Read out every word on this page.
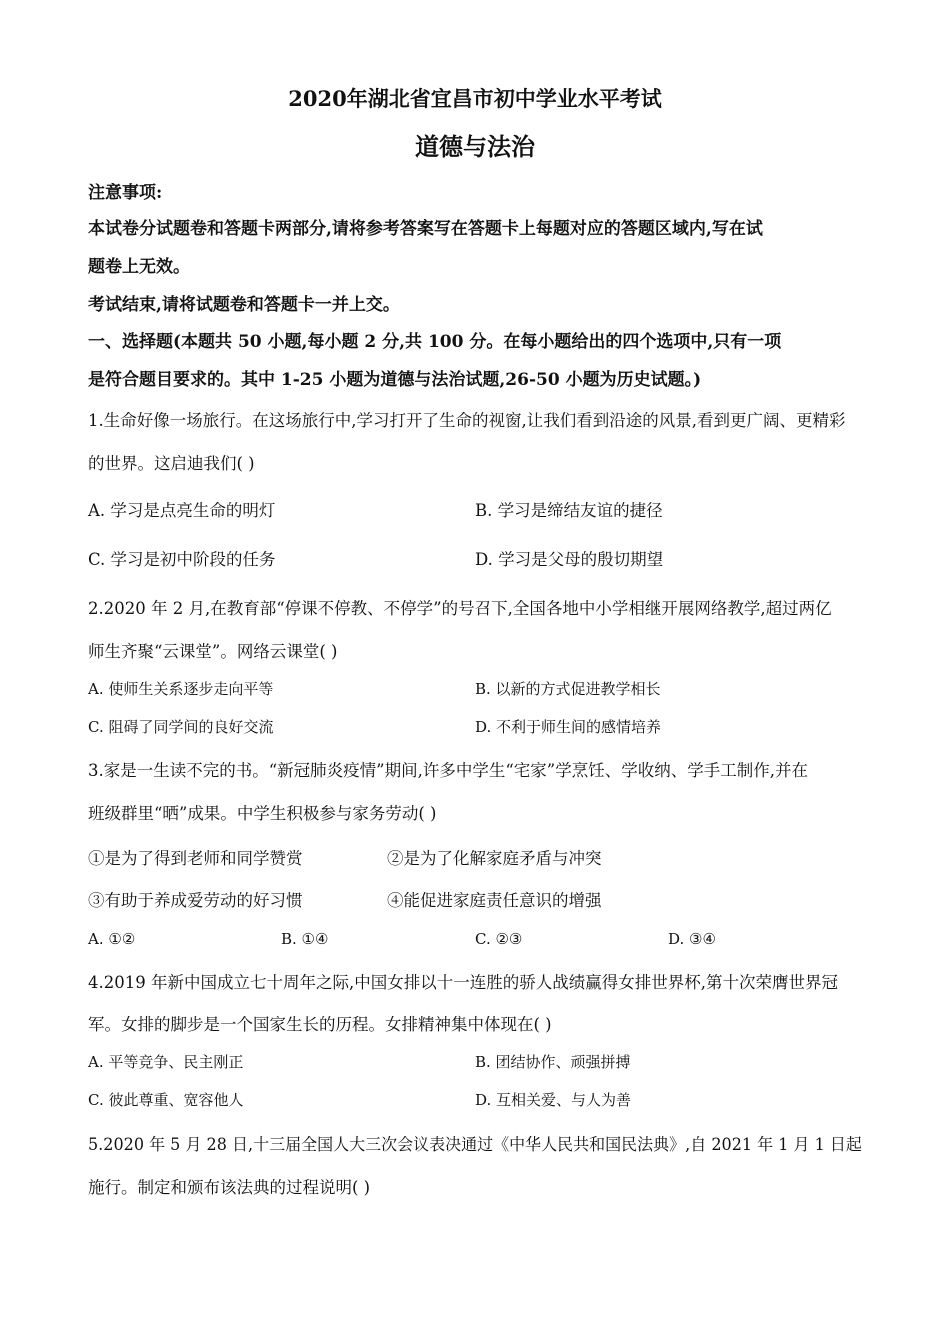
2020年湖北省宜昌市初中学业水平考试
道德与法治
注意事项:
本试卷分试题卷和答题卡两部分,请将参考答案写在答题卡上每题对应的答题区域内,写在试
题卷上无效。
考试结束,请将试题卷和答题卡一并上交。
一、选择题(本题共 50 小题,每小题 2 分,共 100 分。在每小题给出的四个选项中,只有一项
是符合题目要求的。其中 1-25 小题为道德与法治试题,26-50 小题为历史试题。)
1.生命好像一场旅行。在这场旅行中,学习打开了生命的视窗,让我们看到沿途的风景,看到更广阔、更精彩
的世界。这启迪我们( )
A. 学习是点亮生命的明灯	B. 学习是缔结友谊的捷径
C. 学习是初中阶段的任务	D. 学习是父母的殷切期望
2.2020 年 2 月,在教育部“停课不停教、不停学”的号召下,全国各地中小学相继开展网络教学,超过两亿
师生齐聚“云课堂”。网络云课堂( )
A. 使师生关系逐步走向平等	B. 以新的方式促进教学相长
C. 阻碍了同学间的良好交流	D. 不利于师生间的感情培养
3.家是一生读不完的书。“新冠肺炎疫情”期间,许多中学生“宅家”学烹饪、学收纳、学手工制作,并在
班级群里“晒”成果。中学生积极参与家务劳动( )
①是为了得到老师和同学赞赏	②是为了化解家庭矛盾与冲突
③有助于养成爱劳动的好习惯	④能促进家庭责任意识的增强
A. ①②	B. ①④	C. ②③	D. ③④
4.2019 年新中国成立七十周年之际,中国女排以十一连胜的骄人战绩赢得女排世界杯,第十次荣膺世界冠
军。女排的脚步是一个国家生长的历程。女排精神集中体现在( )
A. 平等竞争、民主刚正	B. 团结协作、顽强拼搏
C. 彼此尊重、宽容他人	D. 互相关爱、与人为善
5.2020 年 5 月 28 日,十三届全国人大三次会议表决通过《中华人民共和国民法典》,自 2021 年 1 月 1 日起
施行。制定和颁布该法典的过程说明( )
